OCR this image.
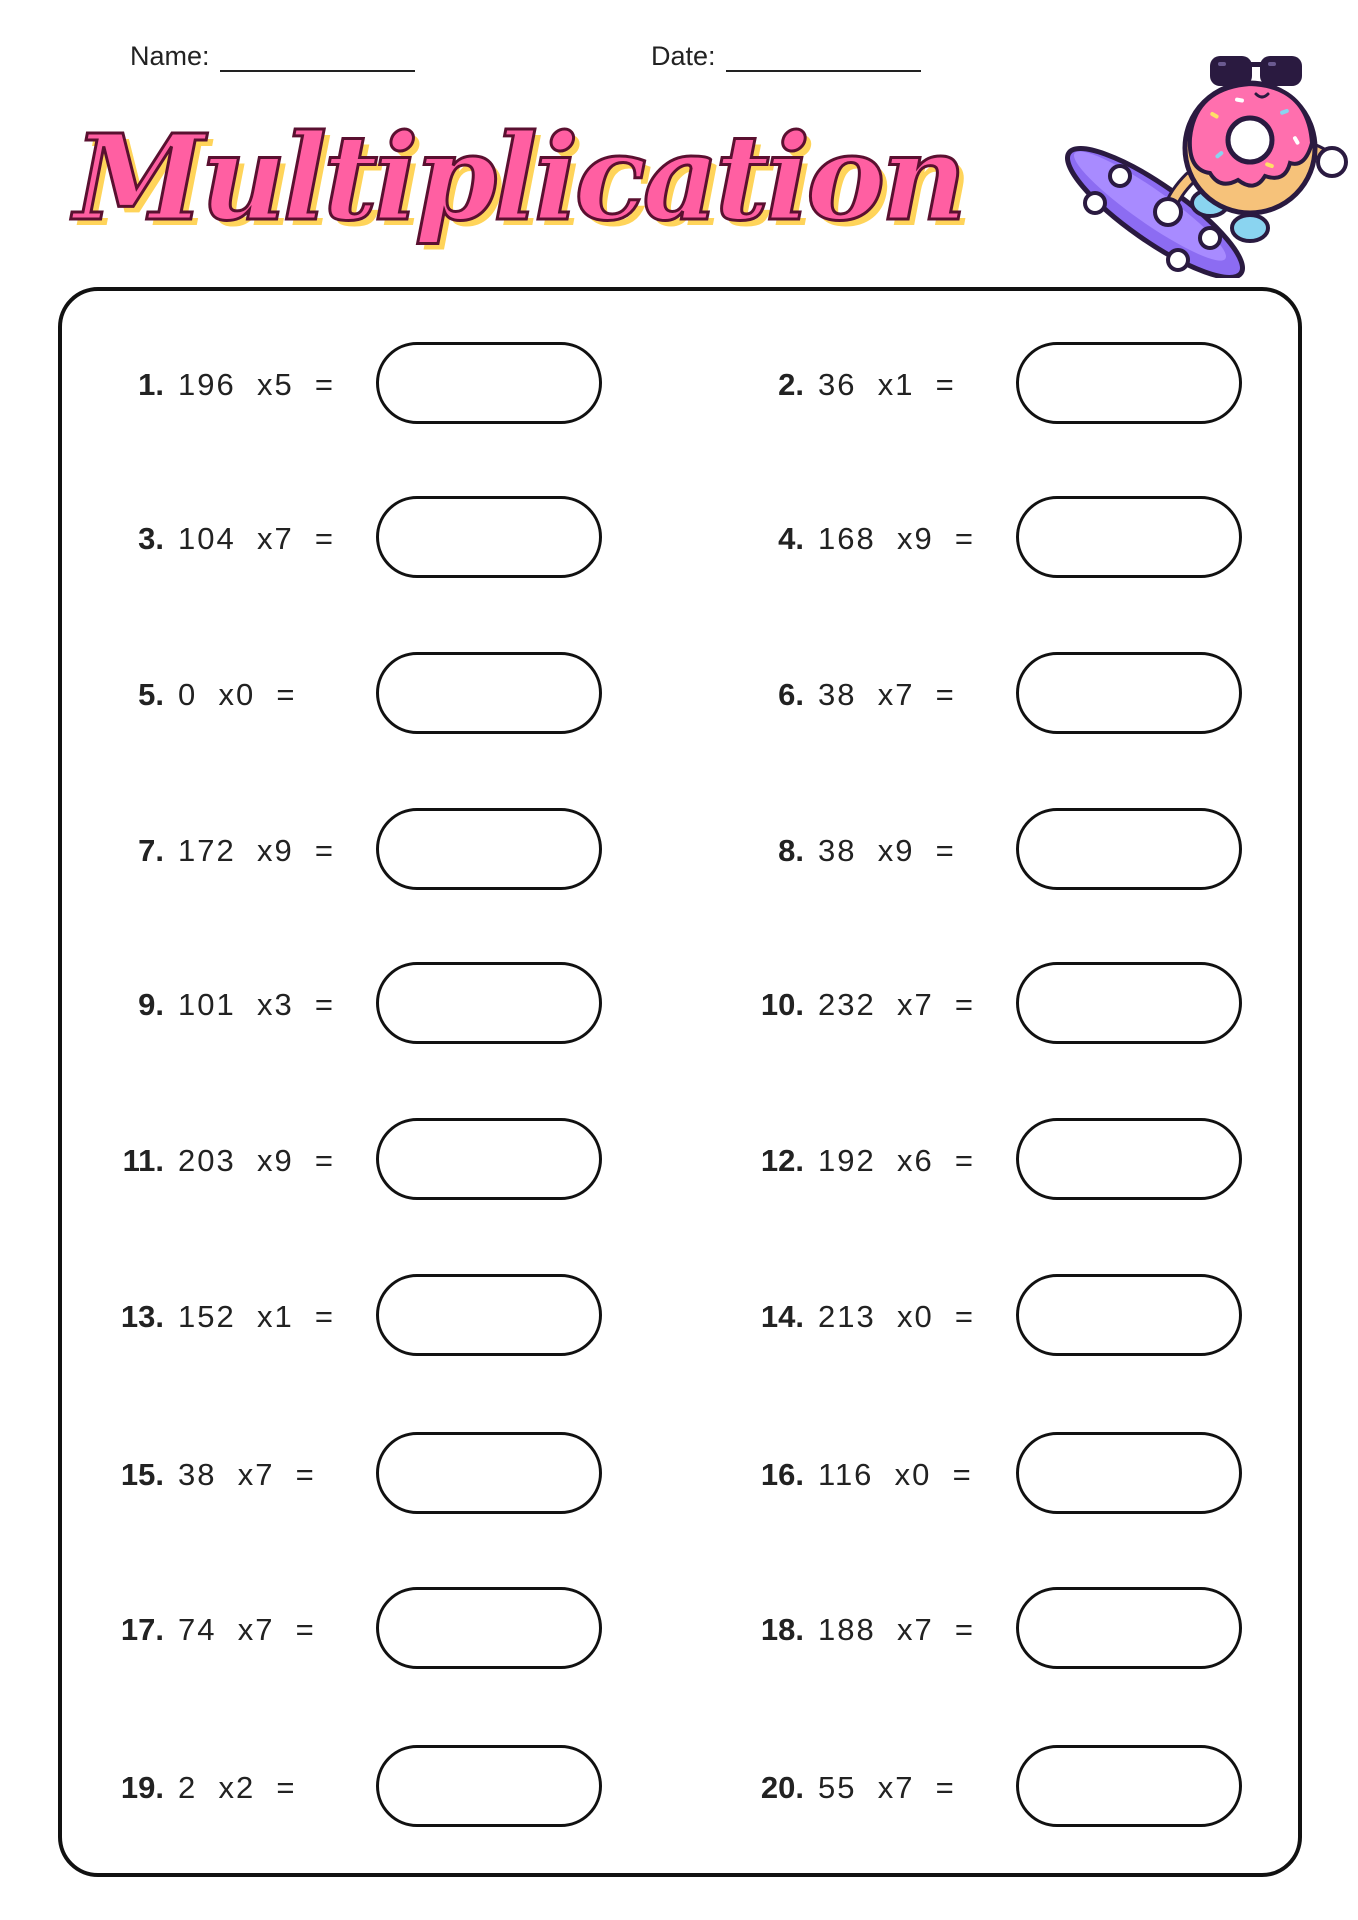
Name:	Date:
Multiplication
1. 196  x5  =	2. 36  x1  =
3. 104  x7  =	4. 168  x9  =
5. 0  x0  =	6. 38  x7  =
7. 172  x9  =	8. 38  x9  =
9. 101  x3  =	10. 232  x7  =
11. 203  x9  =	12. 192  x6  =
13. 152  x1  =	14. 213  x0  =
15. 38  x7  =	16. 116  x0  =
17. 74  x7  =	18. 188  x7  =
19. 2  x2  =	20. 55  x7  =
